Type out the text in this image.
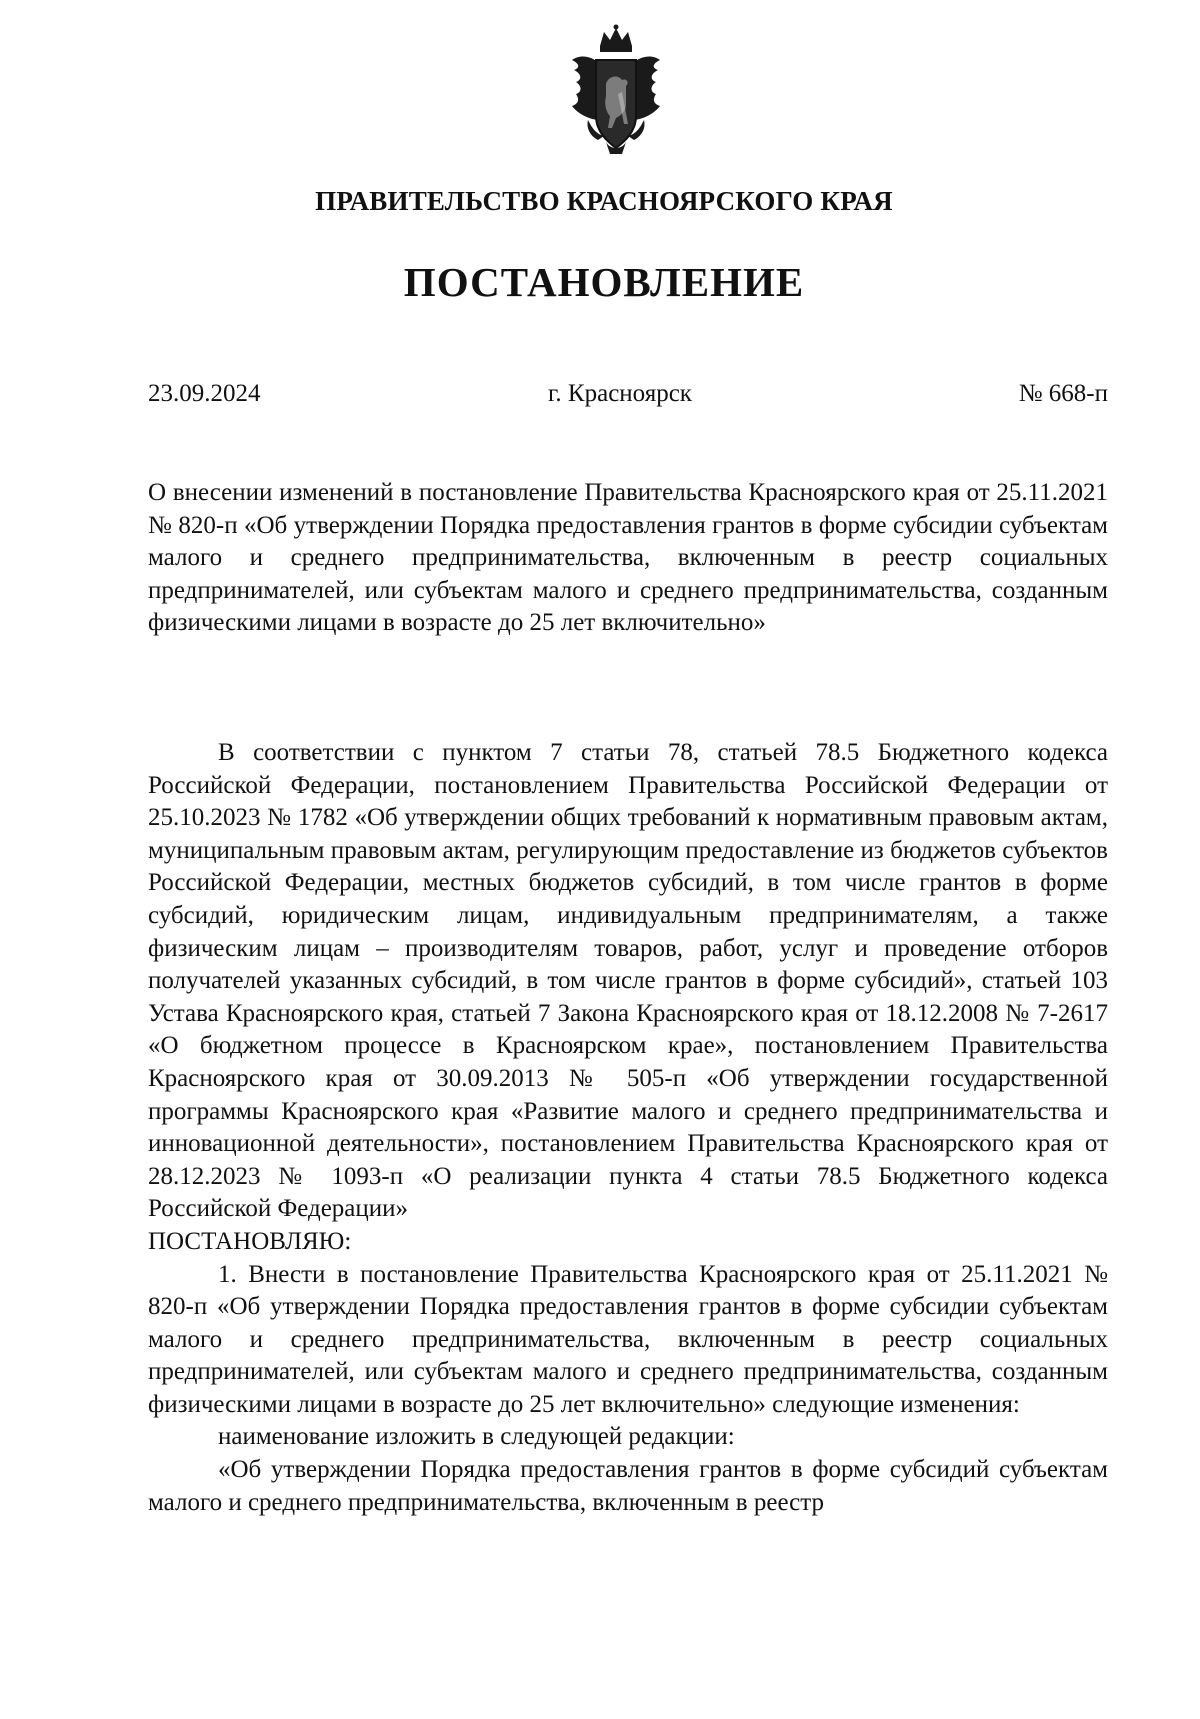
ПРАВИТЕЛЬСТВО КРАСНОЯРСКОГО КРАЯ
ПОСТАНОВЛЕНИЕ
23.09.2024	г. Красноярск	№ 668-п

О внесении изменений в постановление Правительства Красноярского края от 25.11.2021 № 820-п «Об утверждении Порядка предоставления грантов в форме субсидии субъектам малого и среднего предпринимательства, включенным в реестр социальных предпринимателей, или субъектам малого и среднего предпринимательства, созданным физическими лицами в возрасте до 25 лет включительно»

В соответствии с пунктом 7 статьи 78, статьей 78.5 Бюджетного кодекса Российской Федерации, постановлением Правительства Российской Федерации от 25.10.2023 № 1782 «Об утверждении общих требований к нормативным правовым актам, муниципальным правовым актам, регулирующим предоставление из бюджетов субъектов Российской Федерации, местных бюджетов субсидий, в том числе грантов в форме субсидий, юридическим лицам, индивидуальным предпринимателям, а также физическим лицам – производителям товаров, работ, услуг и проведение отборов получателей указанных субсидий, в том числе грантов в форме субсидий», статьей 103 Устава Красноярского края, статьей 7 Закона Красноярского края от 18.12.2008 № 7-2617 «О бюджетном процессе в Красноярском крае», постановлением Правительства Красноярского края от 30.09.2013 № 505-п «Об утверждении государственной программы Красноярского края «Развитие малого и среднего предпринимательства и инновационной деятельности», постановлением Правительства Красноярского края от 28.12.2023 № 1093-п «О реализации пункта 4 статьи 78.5 Бюджетного кодекса Российской Федерации»

ПОСТАНОВЛЯЮ:

1. Внести в постановление Правительства Красноярского края от 25.11.2021 № 820-п «Об утверждении Порядка предоставления грантов в форме субсидии субъектам малого и среднего предпринимательства, включенным в реестр социальных предпринимателей, или субъектам малого и среднего предпринимательства, созданным физическими лицами в возрасте до 25 лет включительно» следующие изменения:

наименование изложить в следующей редакции:

«Об утверждении Порядка предоставления грантов в форме субсидий субъектам малого и среднего предпринимательства, включенным в реестр
